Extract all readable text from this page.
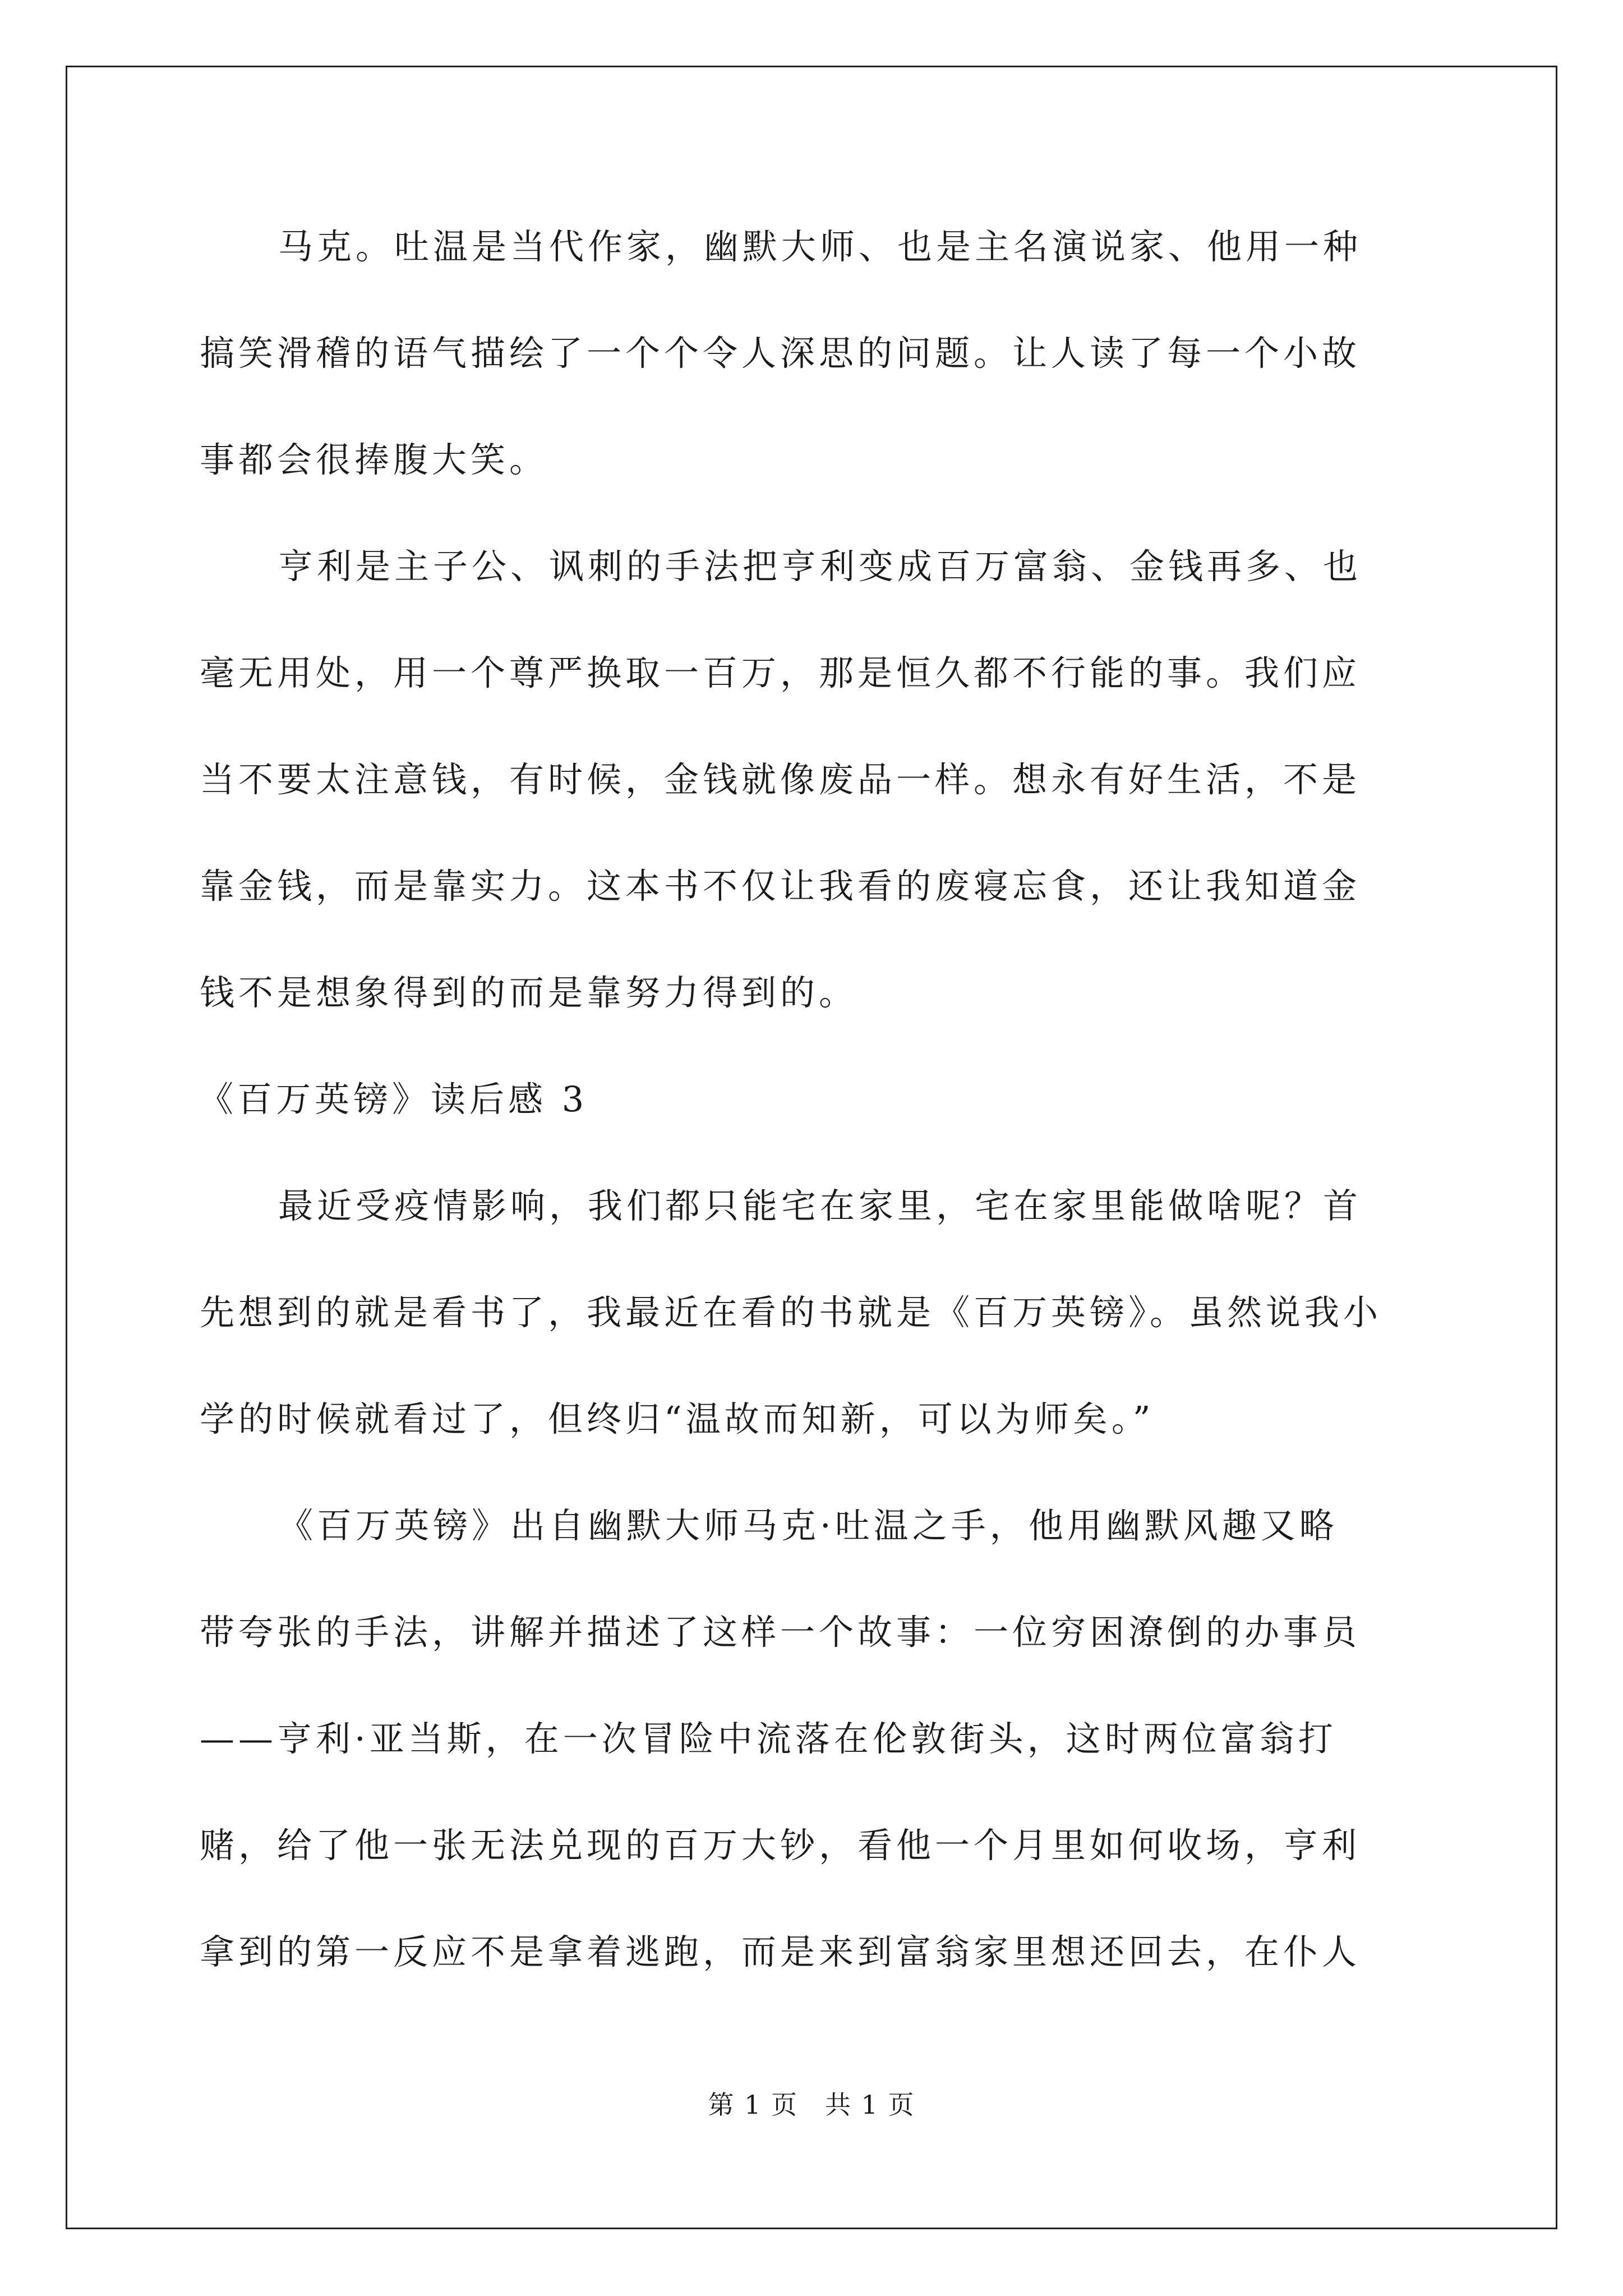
马克。吐温是当代作家，幽默大师、也是主名演说家、他用一种
搞笑滑稽的语气描绘了一个个令人深思的问题。让人读了每一个小故
事都会很捧腹大笑。
亨利是主子公、讽刺的手法把亨利变成百万富翁、金钱再多、也
毫无用处，用一个尊严换取一百万，那是恒久都不行能的事。我们应
当不要太注意钱，有时候，金钱就像废品一样。想永有好生活，不是
靠金钱，而是靠实力。这本书不仅让我看的废寝忘食，还让我知道金
钱不是想象得到的而是靠努力得到的。
《百万英镑》读后感 3
最近受疫情影响，我们都只能宅在家里，宅在家里能做啥呢？首
先想到的就是看书了，我最近在看的书就是《百万英镑》。虽然说我小
学的时候就看过了，但终归“温故而知新，可以为师矣。”
《百万英镑》出自幽默大师马克·吐温之手，他用幽默风趣又略
带夸张的手法，讲解并描述了这样一个故事：一位穷困潦倒的办事员
——亨利·亚当斯，在一次冒险中流落在伦敦街头，这时两位富翁打
赌，给了他一张无法兑现的百万大钞，看他一个月里如何收场，亨利
拿到的第一反应不是拿着逃跑，而是来到富翁家里想还回去，在仆人
第 1 页　共 1 页
